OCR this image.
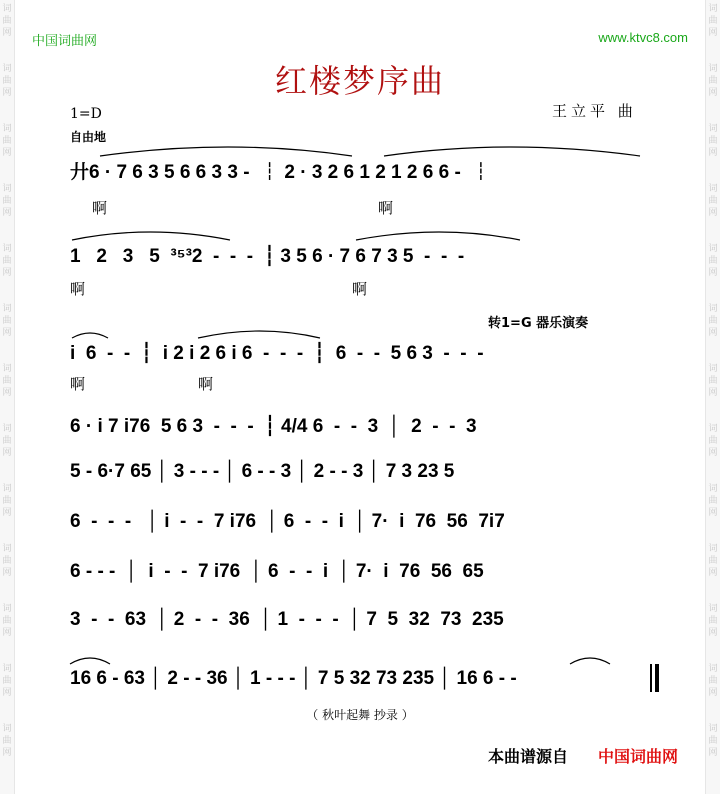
词
曲
网
词
曲
网
词
曲
网
词
曲
网
词
曲
网
词
曲
网
词
曲
网
词
曲
网
词
曲
网
词
曲
网
词
曲
网
词
曲
网
词
曲
网
词
曲
网
词
曲
网
词
曲
网
词
曲
网
词
曲
网
词
曲
网
词
曲
网
词
曲
网
词
曲
网
词
曲
网
词
曲
网
词
曲
网
词
曲
网
中国词曲网	www.ktvc8.com
红楼梦序曲
王立平 曲
1=D
自由地
转1=G 器乐演奏
廾6 · 7 6 3 5 6 6 3 3 -  ┆ 2 · 3 2 6 1 2 1 2 6 6 -  ┆
1   2   3   5  ³⁵³2  -  -  -  ┆ 3 5 6 · 7 6 7 3 5  -  -  -
i  6  -  -  ┆  i 2 i 2 6 i 6  -  -  -  ┆  6  -  -  5 6 3  -  -  -
6 · i 7 i76  5 6 3  -  -  -  ┆ 4/4 6  -  -  3  │  2  -  -  3
5 - 6·7 65 │ 3 - - - │ 6 - - 3 │ 2 - - 3 │ 7 3 23 5
6  -  -  -   │ i  -  -  7 i76  │ 6  -  -  i  │ 7·  i  76  56  7i7
6 - - -  │  i  -  -  7 i76  │ 6  -  -  i  │ 7·  i  76  56  65
3  -  -  63  │ 2  -  -  36  │ 1  -  -  -  │ 7  5  32  73  235
16 6 - 63 │ 2 - - 36 │ 1 - - - │ 7 5 32 73 235 │ 16 6 - -
啊	啊
啊	啊
啊	啊
（ 秋叶起舞 抄录 ）
本曲谱源自 中国词曲网
